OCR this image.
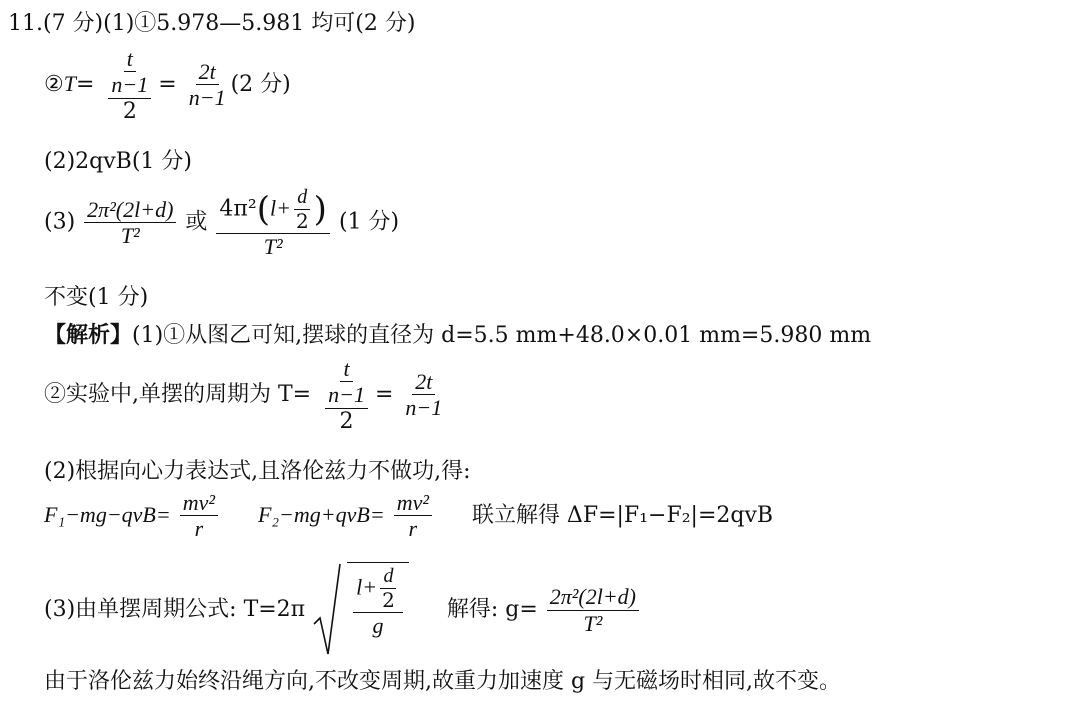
11.(7 分)(1)①5.978—5.981 均可(2 分)
②T= $\frac{t}{\frac{n-1}{2}} = \frac{2t}{n-1} (2$ 分)
(2)2qvB(1 分)
$(3) \frac{\text{2π²(2l+d)}}{\text{T²}}$ 或 $\frac{4\pi^2(l+ \frac{d}{2} )}{\text{T²}} (1$ 分)
不变(1 分)
【解析】(1)①从图乙可知,摆球的直径为 d=5.5 mm+48.0×0.01 mm=5.980 mm
②实验中,单摆的周期为 $T= \frac{t}{\frac{n-1}{2}} = \frac{2t}{n-1}$
(2)根据向心力表达式,且洛伦兹力不做功,得:
$F_1-mg-qvB= \frac{\text{mv²}}{r} F_2-mg+qvB= \frac{\text{mv²}}{r}$ 联立解得 ΔF=|F₁−F₂|=2qvB
(3)由单摆周期公式: $T=2\pi \frac{l+ \frac{d}{2}}{g}$ 解得: $g= \frac{\text{2π²(2l+d)}}{\text{T²}}$
由于洛伦兹力始终沿绳方向,不改变周期,故重力加速度 g 与无磁场时相同,故不变。
